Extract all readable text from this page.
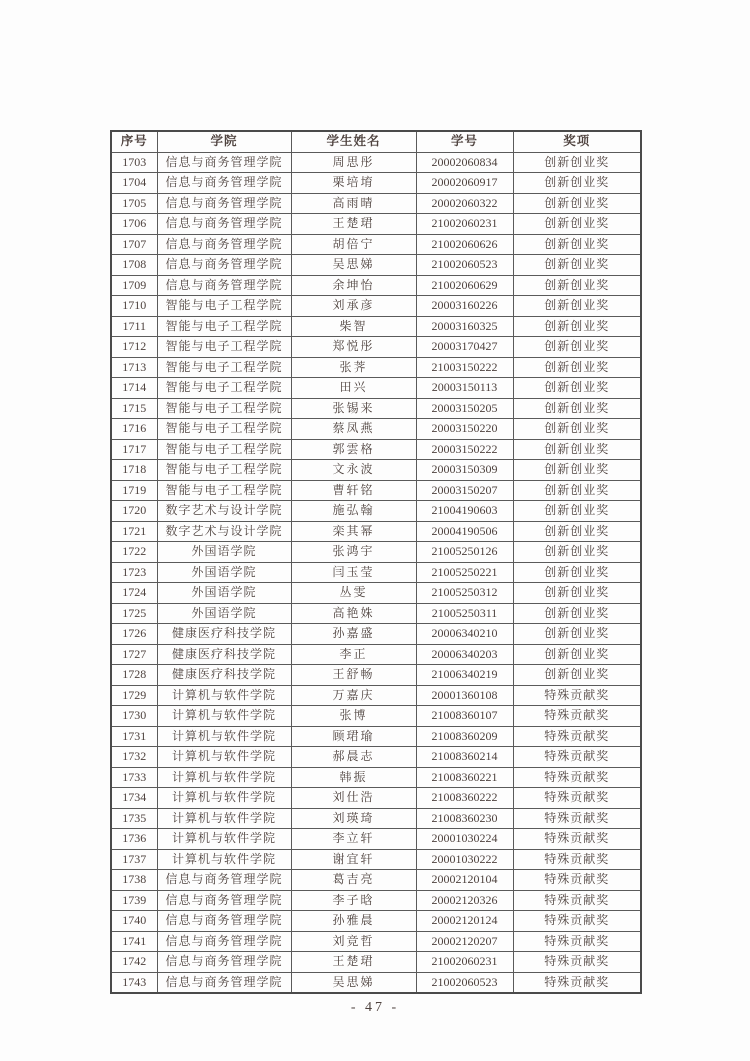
序号	学院	学生姓名	学号	奖项
1703	信息与商务管理学院	周思彤	20002060834	创新创业奖
1704	信息与商务管理学院	栗培堉	20002060917	创新创业奖
1705	信息与商务管理学院	高雨晴	20002060322	创新创业奖
1706	信息与商务管理学院	王楚珺	21002060231	创新创业奖
1707	信息与商务管理学院	胡倍宁	21002060626	创新创业奖
1708	信息与商务管理学院	吴思娣	21002060523	创新创业奖
1709	信息与商务管理学院	余坤怡	21002060629	创新创业奖
1710	智能与电子工程学院	刘承彦	20003160226	创新创业奖
1711	智能与电子工程学院	柴智	20003160325	创新创业奖
1712	智能与电子工程学院	郑悦彤	20003170427	创新创业奖
1713	智能与电子工程学院	张荠	21003150222	创新创业奖
1714	智能与电子工程学院	田兴	20003150113	创新创业奖
1715	智能与电子工程学院	张锡来	20003150205	创新创业奖
1716	智能与电子工程学院	蔡凤燕	20003150220	创新创业奖
1717	智能与电子工程学院	郭雲格	20003150222	创新创业奖
1718	智能与电子工程学院	文永波	20003150309	创新创业奖
1719	智能与电子工程学院	曹轩铭	20003150207	创新创业奖
1720	数字艺术与设计学院	施弘翰	21004190603	创新创业奖
1721	数字艺术与设计学院	栾其幂	20004190506	创新创业奖
1722	外国语学院	张鸿宇	21005250126	创新创业奖
1723	外国语学院	闫玉莹	21005250221	创新创业奖
1724	外国语学院	丛雯	21005250312	创新创业奖
1725	外国语学院	高艳姝	21005250311	创新创业奖
1726	健康医疗科技学院	孙嘉盛	20006340210	创新创业奖
1727	健康医疗科技学院	李正	20006340203	创新创业奖
1728	健康医疗科技学院	王舒畅	21006340219	创新创业奖
1729	计算机与软件学院	万嘉庆	20001360108	特殊贡献奖
1730	计算机与软件学院	张博	21008360107	特殊贡献奖
1731	计算机与软件学院	顾珺瑜	21008360209	特殊贡献奖
1732	计算机与软件学院	郝晨志	21008360214	特殊贡献奖
1733	计算机与软件学院	韩振	21008360221	特殊贡献奖
1734	计算机与软件学院	刘仕浩	21008360222	特殊贡献奖
1735	计算机与软件学院	刘瑛琦	21008360230	特殊贡献奖
1736	计算机与软件学院	李立轩	20001030224	特殊贡献奖
1737	计算机与软件学院	谢宜轩	20001030222	特殊贡献奖
1738	信息与商务管理学院	葛吉亮	20002120104	特殊贡献奖
1739	信息与商务管理学院	李子晗	20002120326	特殊贡献奖
1740	信息与商务管理学院	孙雅晨	20002120124	特殊贡献奖
1741	信息与商务管理学院	刘竞哲	20002120207	特殊贡献奖
1742	信息与商务管理学院	王楚珺	21002060231	特殊贡献奖
1743	信息与商务管理学院	吴思娣	21002060523	特殊贡献奖
- 47 -
